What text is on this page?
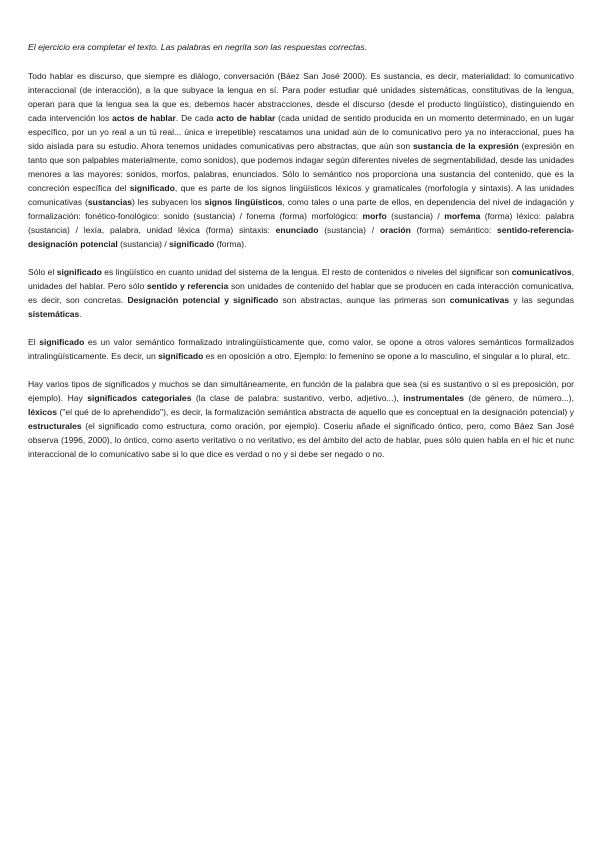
El ejercicio era completar el texto. Las palabras en negrita son las respuestas correctas.

Todo hablar es discurso, que siempre es diálogo, conversación (Báez San José 2000). Es sustancia, es decir, materialidad: lo comunicativo interaccional (de interacción), a la que subyace la lengua en sí. Para poder estudiar qué unidades sistemáticas, constitutivas de la lengua, operan para que la lengua sea la que es, debemos hacer abstracciones, desde el discurso (desde el producto lingüístico), distinguiendo en cada intervención los actos de hablar. De cada acto de hablar (cada unidad de sentido producida en un momento determinado, en un lugar específico, por un yo real a un tú real... única e irrepetible) rescatamos una unidad aún de lo comunicativo pero ya no interaccional, pues ha sido aislada para su estudio. Ahora tenemos unidades comunicativas pero abstractas, que aún son sustancia de la expresión (expresión en tanto que son palpables materialmente, como sonidos), que podemos indagar según diferentes niveles de segmentabilidad, desde las unidades menores a las mayores: sonidos, morfos, palabras, enunciados. Sólo lo semántico nos proporciona una sustancia del contenido, que es la concreción específica del significado, que es parte de los signos lingüísticos léxicos y gramaticales (morfología y sintaxis). A las unidades comunicativas (sustancias) les subyacen los signos lingüísticos, como tales o una parte de ellos, en dependencia del nivel de indagación y formalización: fonético-fonológico: sonido (sustancia) / fonema (forma) morfológico: morfo (sustancia) / morfema (forma) léxico: palabra (sustancia) / lexía, palabra, unidad léxica (forma) sintaxis: enunciado (sustancia) / oración (forma) semántico: sentido-referencia-designación potencial (sustancia) / significado (forma).

Sólo el significado es lingüístico en cuanto unidad del sistema de la lengua. El resto de contenidos o niveles del significar son comunicativos, unidades del hablar. Pero sólo sentido y referencia son unidades de contenido del hablar que se producen en cada interacción comunicativa, es decir, son concretas. Designación potencial y significado son abstractas, aunque las primeras son comunicativas y las segundas sistemáticas.

El significado es un valor semántico formalizado intralingüísticamente que, como valor, se opone a otros valores semánticos formalizados intralingüísticamente. Es decir, un significado es en oposición a otro. Ejemplo: lo femenino se opone a lo masculino, el singular a lo plural, etc.

Hay varios tipos de significados y muchos se dan simultáneamente, en función de la palabra que sea (si es sustantivo o si es preposición, por ejemplo). Hay significados categoriales (la clase de palabra: sustantivo, verbo, adjetivo...), instrumentales (de género, de número...), léxicos ("el qué de lo aprehendido"), es decir, la formalización semántica abstracta de aquello que es conceptual en la designación potencial) y estructurales (el significado como estructura, como oración, por ejemplo). Coseriu añade el significado óntico, pero, como Báez San José observa (1996, 2000), lo óntico, como aserto veritativo o no veritativo, es del ámbito del acto de hablar, pues sólo quien habla en el hic et nunc interaccional de lo comunicativo sabe si lo que dice es verdad o no y si debe ser negado o no.
